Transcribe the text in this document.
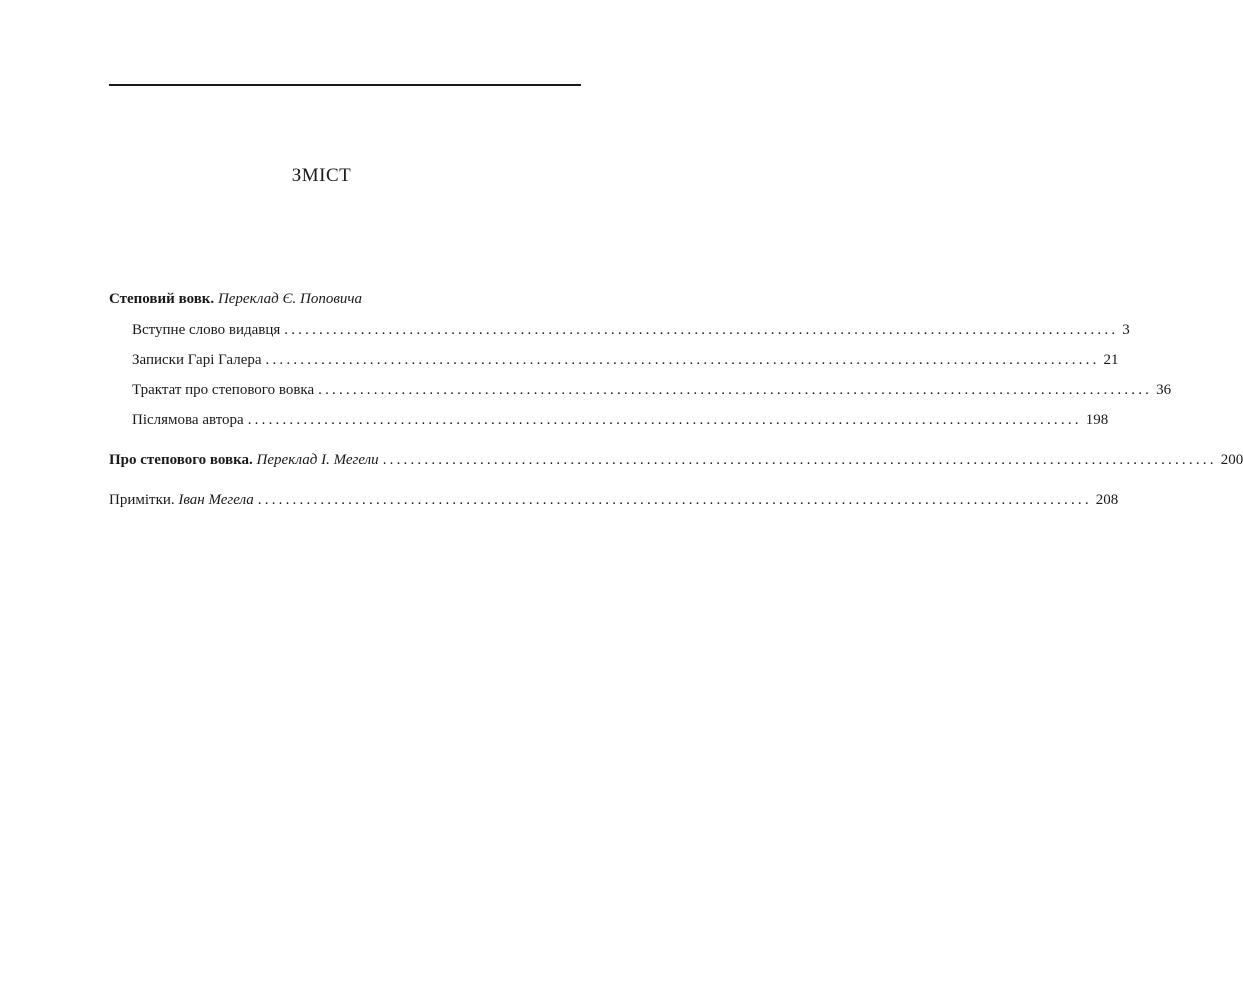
ЗМІСТ
Степовий вовк. Переклад Є. Поповича
Вступне слово видавця ........................................................................................................................ 3
Записки Гарі Галера ........................................................................................................................ 21
Трактат про степового вовка ........................................................................................................................ 36
Післямова автора ........................................................................................................................ 198
Про степового вовка. Переклад І. Мегели ........................................................................................................................ 200
Примітки. Іван Мегела ........................................................................................................................ 208
